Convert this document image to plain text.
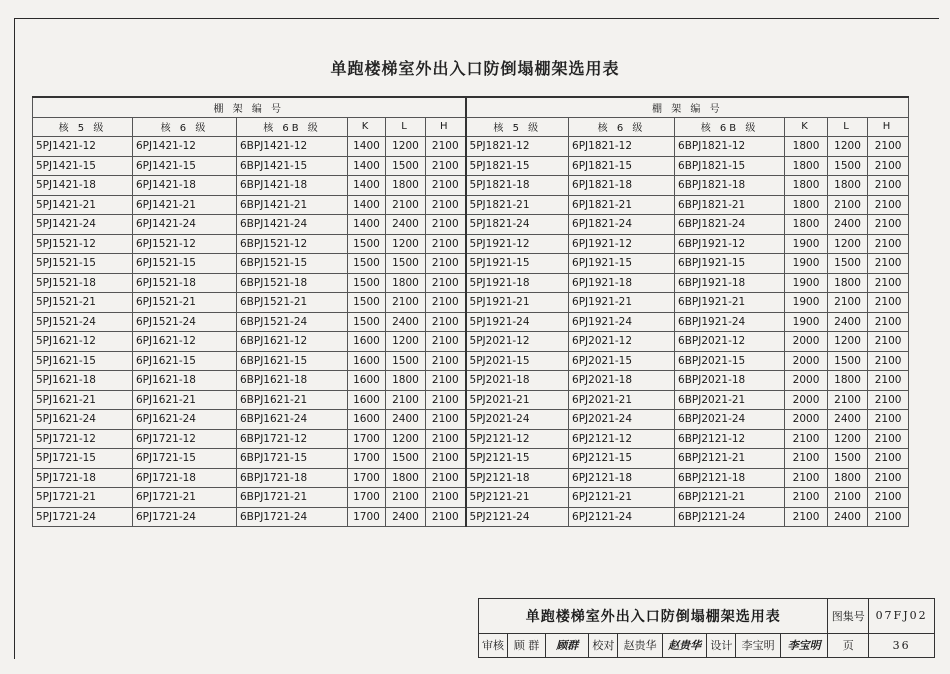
单跑楼梯室外出入口防倒塌棚架选用表
棚 架 编 号						棚 架 编 号					
核 5 级	核 6 级	核 6B 级	K	L	H	核 5 级	核 6 级	核 6B 级	K	L	H
5PJ1421-12	6PJ1421-12	6BPJ1421-12	1400	1200	2100	5PJ1821-12	6PJ1821-12	6BPJ1821-12	1800	1200	2100
5PJ1421-15	6PJ1421-15	6BPJ1421-15	1400	1500	2100	5PJ1821-15	6PJ1821-15	6BPJ1821-15	1800	1500	2100
5PJ1421-18	6PJ1421-18	6BPJ1421-18	1400	1800	2100	5PJ1821-18	6PJ1821-18	6BPJ1821-18	1800	1800	2100
5PJ1421-21	6PJ1421-21	6BPJ1421-21	1400	2100	2100	5PJ1821-21	6PJ1821-21	6BPJ1821-21	1800	2100	2100
5PJ1421-24	6PJ1421-24	6BPJ1421-24	1400	2400	2100	5PJ1821-24	6PJ1821-24	6BPJ1821-24	1800	2400	2100
5PJ1521-12	6PJ1521-12	6BPJ1521-12	1500	1200	2100	5PJ1921-12	6PJ1921-12	6BPJ1921-12	1900	1200	2100
5PJ1521-15	6PJ1521-15	6BPJ1521-15	1500	1500	2100	5PJ1921-15	6PJ1921-15	6BPJ1921-15	1900	1500	2100
5PJ1521-18	6PJ1521-18	6BPJ1521-18	1500	1800	2100	5PJ1921-18	6PJ1921-18	6BPJ1921-18	1900	1800	2100
5PJ1521-21	6PJ1521-21	6BPJ1521-21	1500	2100	2100	5PJ1921-21	6PJ1921-21	6BPJ1921-21	1900	2100	2100
5PJ1521-24	6PJ1521-24	6BPJ1521-24	1500	2400	2100	5PJ1921-24	6PJ1921-24	6BPJ1921-24	1900	2400	2100
5PJ1621-12	6PJ1621-12	6BPJ1621-12	1600	1200	2100	5PJ2021-12	6PJ2021-12	6BPJ2021-12	2000	1200	2100
5PJ1621-15	6PJ1621-15	6BPJ1621-15	1600	1500	2100	5PJ2021-15	6PJ2021-15	6BPJ2021-15	2000	1500	2100
5PJ1621-18	6PJ1621-18	6BPJ1621-18	1600	1800	2100	5PJ2021-18	6PJ2021-18	6BPJ2021-18	2000	1800	2100
5PJ1621-21	6PJ1621-21	6BPJ1621-21	1600	2100	2100	5PJ2021-21	6PJ2021-21	6BPJ2021-21	2000	2100	2100
5PJ1621-24	6PJ1621-24	6BPJ1621-24	1600	2400	2100	5PJ2021-24	6PJ2021-24	6BPJ2021-24	2000	2400	2100
5PJ1721-12	6PJ1721-12	6BPJ1721-12	1700	1200	2100	5PJ2121-12	6PJ2121-12	6BPJ2121-12	2100	1200	2100
5PJ1721-15	6PJ1721-15	6BPJ1721-15	1700	1500	2100	5PJ2121-15	6PJ2121-15	6BPJ2121-21	2100	1500	2100
5PJ1721-18	6PJ1721-18	6BPJ1721-18	1700	1800	2100	5PJ2121-18	6PJ2121-18	6BPJ2121-18	2100	1800	2100
5PJ1721-21	6PJ1721-21	6BPJ1721-21	1700	2100	2100	5PJ2121-21	6PJ2121-21	6BPJ2121-21	2100	2100	2100
5PJ1721-24	6PJ1721-24	6BPJ1721-24	1700	2400	2100	5PJ2121-24	6PJ2121-24	6BPJ2121-24	2100	2400	2100
单跑楼梯室外出入口防倒塌棚架选用表									图集号	07FJ02
审核	顾 群	顾群	校对	赵贵华	赵贵华	设计	李宝明	李宝明	页	36
